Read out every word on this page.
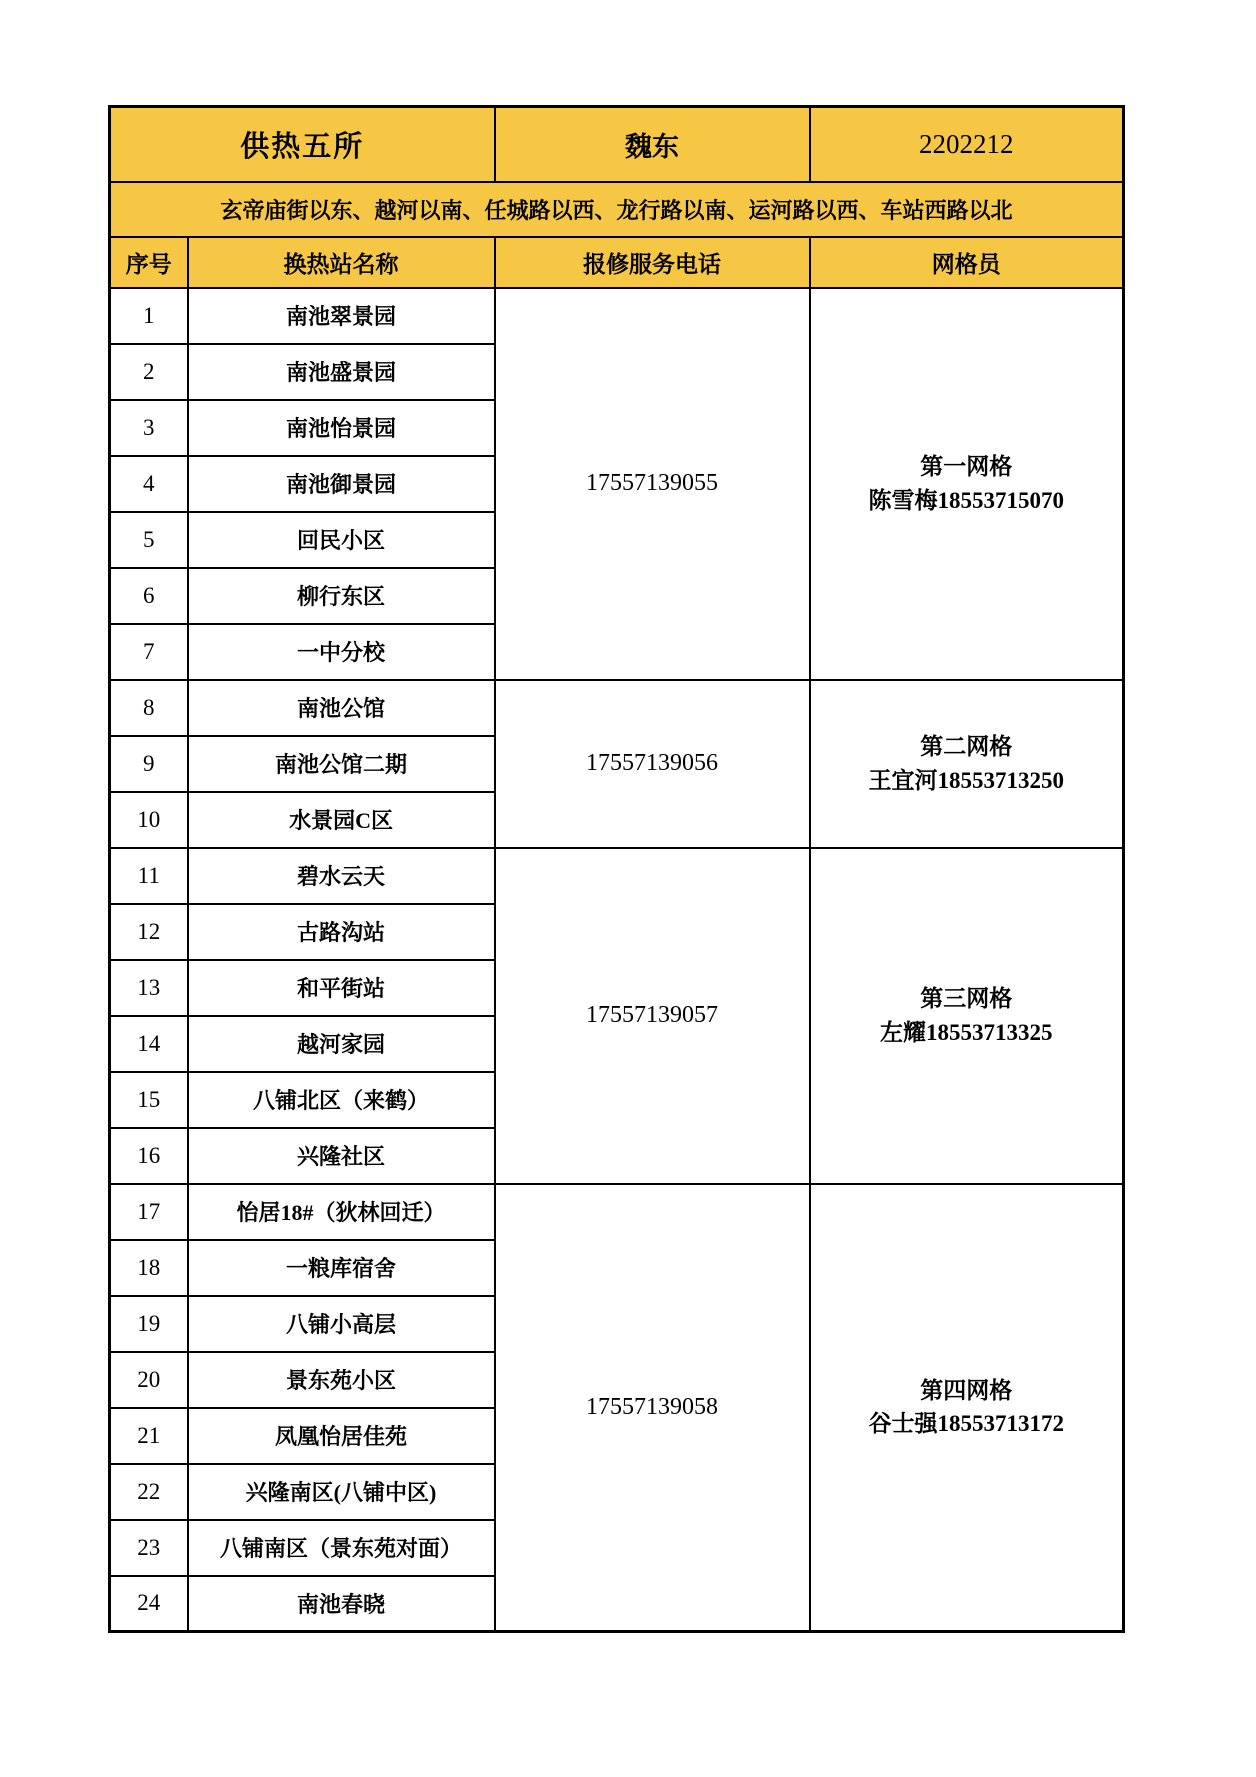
供热五所		魏东	2202212
玄帝庙街以东、越河以南、任城路以西、龙行路以南、运河路以西、车站西路以北			
序号	换热站名称	报修服务电话	网格员
1	南池翠景园	17557139055	第一网格
陈雪梅18553715070

2	南池盛景园		
3	南池怡景园		
4	南池御景园		
5	回民小区		
6	柳行东区		
7	一中分校		
8	南池公馆	17557139056	第二网格
王宜河18553713250

9	南池公馆二期		
10	水景园C区		
11	碧水云天	17557139057	第三网格
左耀18553713325

12	古路沟站		
13	和平街站		
14	越河家园		
15	八铺北区（来鹤）		
16	兴隆社区		
17	怡居18#（狄林回迁）	17557139058	第四网格
谷士强18553713172

18	一粮库宿舍		
19	八铺小高层		
20	景东苑小区		
21	凤凰怡居佳苑		
22	兴隆南区(八铺中区)		
23	八铺南区（景东苑对面）		
24	南池春晓		
